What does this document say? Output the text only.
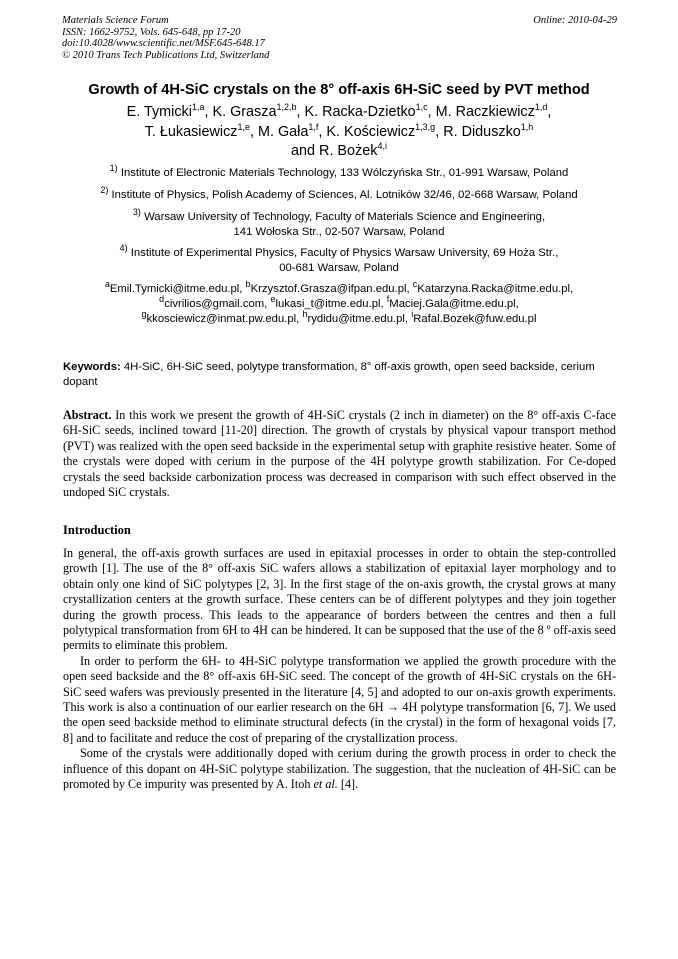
Materials Science Forum
ISSN: 1662-9752, Vols. 645-648, pp 17-20
doi:10.4028/www.scientific.net/MSF.645-648.17
© 2010 Trans Tech Publications Ltd, Switzerland
Online: 2010-04-29
Growth of 4H-SiC crystals on the 8° off-axis 6H-SiC seed by PVT method
E. Tymicki$^{1,a}$, K. Grasza$^{1,2,b}$, K. Racka-Dzietko$^{1,c}$, M. Raczkiewicz$^{1,d}$,
T. Łukasiewicz$^{1,e}$, M. Gała$^{1,f}$, K. Kościewicz$^{1,3,g}$, R. Diduszko$^{1,h}$
and R. Bożek$^{4,i}$
$^{1)}$ Institute of Electronic Materials Technology, 133 Wólczyńska Str., 01-991 Warsaw, Poland
$^{2)}$ Institute of Physics, Polish Academy of Sciences, Al. Lotników 32/46, 02-668 Warsaw, Poland
$^{3)}$ Warsaw University of Technology, Faculty of Materials Science and Engineering,
141 Wołoska Str., 02-507 Warsaw, Poland
$^{4)}$ Institute of Experimental Physics, Faculty of Physics Warsaw University, 69 Hoża Str.,
00-681 Warsaw, Poland
$^a$Emil.Tymicki@itme.edu.pl, $^b$Krzysztof.Grasza@ifpan.edu.pl, $^c$Katarzyna.Racka@itme.edu.pl,
$^d$civrilios@gmail.com, $^e$lukasi_t@itme.edu.pl, $^f$Maciej.Gala@itme.edu.pl,
$^g$kkosciewicz@inmat.pw.edu.pl, $^h$rydidu@itme.edu.pl, $^i$Rafal.Bozek@fuw.edu.pl
Keywords: 4H-SiC, 6H-SiC seed, polytype transformation, 8° off-axis growth, open seed backside, cerium dopant

Abstract. In this work we present the growth of 4H-SiC crystals (2 inch in diameter) on the 8° off-axis C-face 6H-SiC seeds, inclined toward [11-20] direction. The growth of crystals by physical vapour transport method (PVT) was realized with the open seed backside in the experimental setup with graphite resistive heater. Some of the crystals were doped with cerium in the purpose of the 4H polytype growth stabilization. For Ce-doped crystals the seed backside carbonization process was decreased in comparison with such effect observed in the undoped SiC crystals.

Introduction

In general, the off-axis growth surfaces are used in epitaxial processes in order to obtain the step-controlled growth [1]. The use of the 8° off-axis SiC wafers allows a stabilization of epitaxial layer morphology and to obtain only one kind of SiC polytypes [2, 3]. In the first stage of the on-axis growth, the crystal grows at many crystallization centers at the growth surface. These centers can be of different polytypes and they join together during the growth process. This leads to the appearance of borders between the centres and then a full polytypical transformation from 6H to 4H can be hindered. It can be supposed that the use of the 8 º off-axis seed permits to eliminate this problem.

In order to perform the 6H- to 4H-SiC polytype transformation we applied the growth procedure with the open seed backside and the 8° off-axis 6H-SiC seed. The concept of the growth of 4H-SiC crystals on the 6H-SiC seed wafers was previously presented in the literature [4, 5] and adopted to our on-axis growth experiments. This work is also a continuation of our earlier research on the 6H → 4H polytype transformation [6, 7]. We used the open seed backside method to eliminate structural defects (in the crystal) in the form of hexagonal voids [7, 8] and to facilitate and reduce the cost of preparing of the crystallization process.

Some of the crystals were additionally doped with cerium during the growth process in order to check the influence of this dopant on 4H-SiC polytype stabilization. The suggestion, that the nucleation of 4H-SiC can be promoted by Ce impurity was presented by A. Itoh et al. [4].
